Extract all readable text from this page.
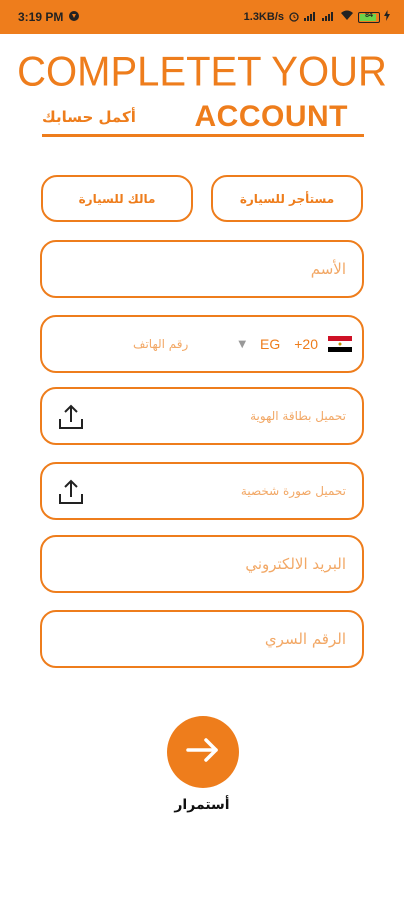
3:19 PM	1.3KB/s	84
COMPLETET YOUR
أكمل حسابك ACCOUNT
مستأجر للسيارة
مالك للسيارة
الأسم
رقم الهاتف	▼ EG +20
تحميل بطاقة الهوية
تحميل صورة شخصية
البريد الالكتروني
الرقم السري
أستمرار
